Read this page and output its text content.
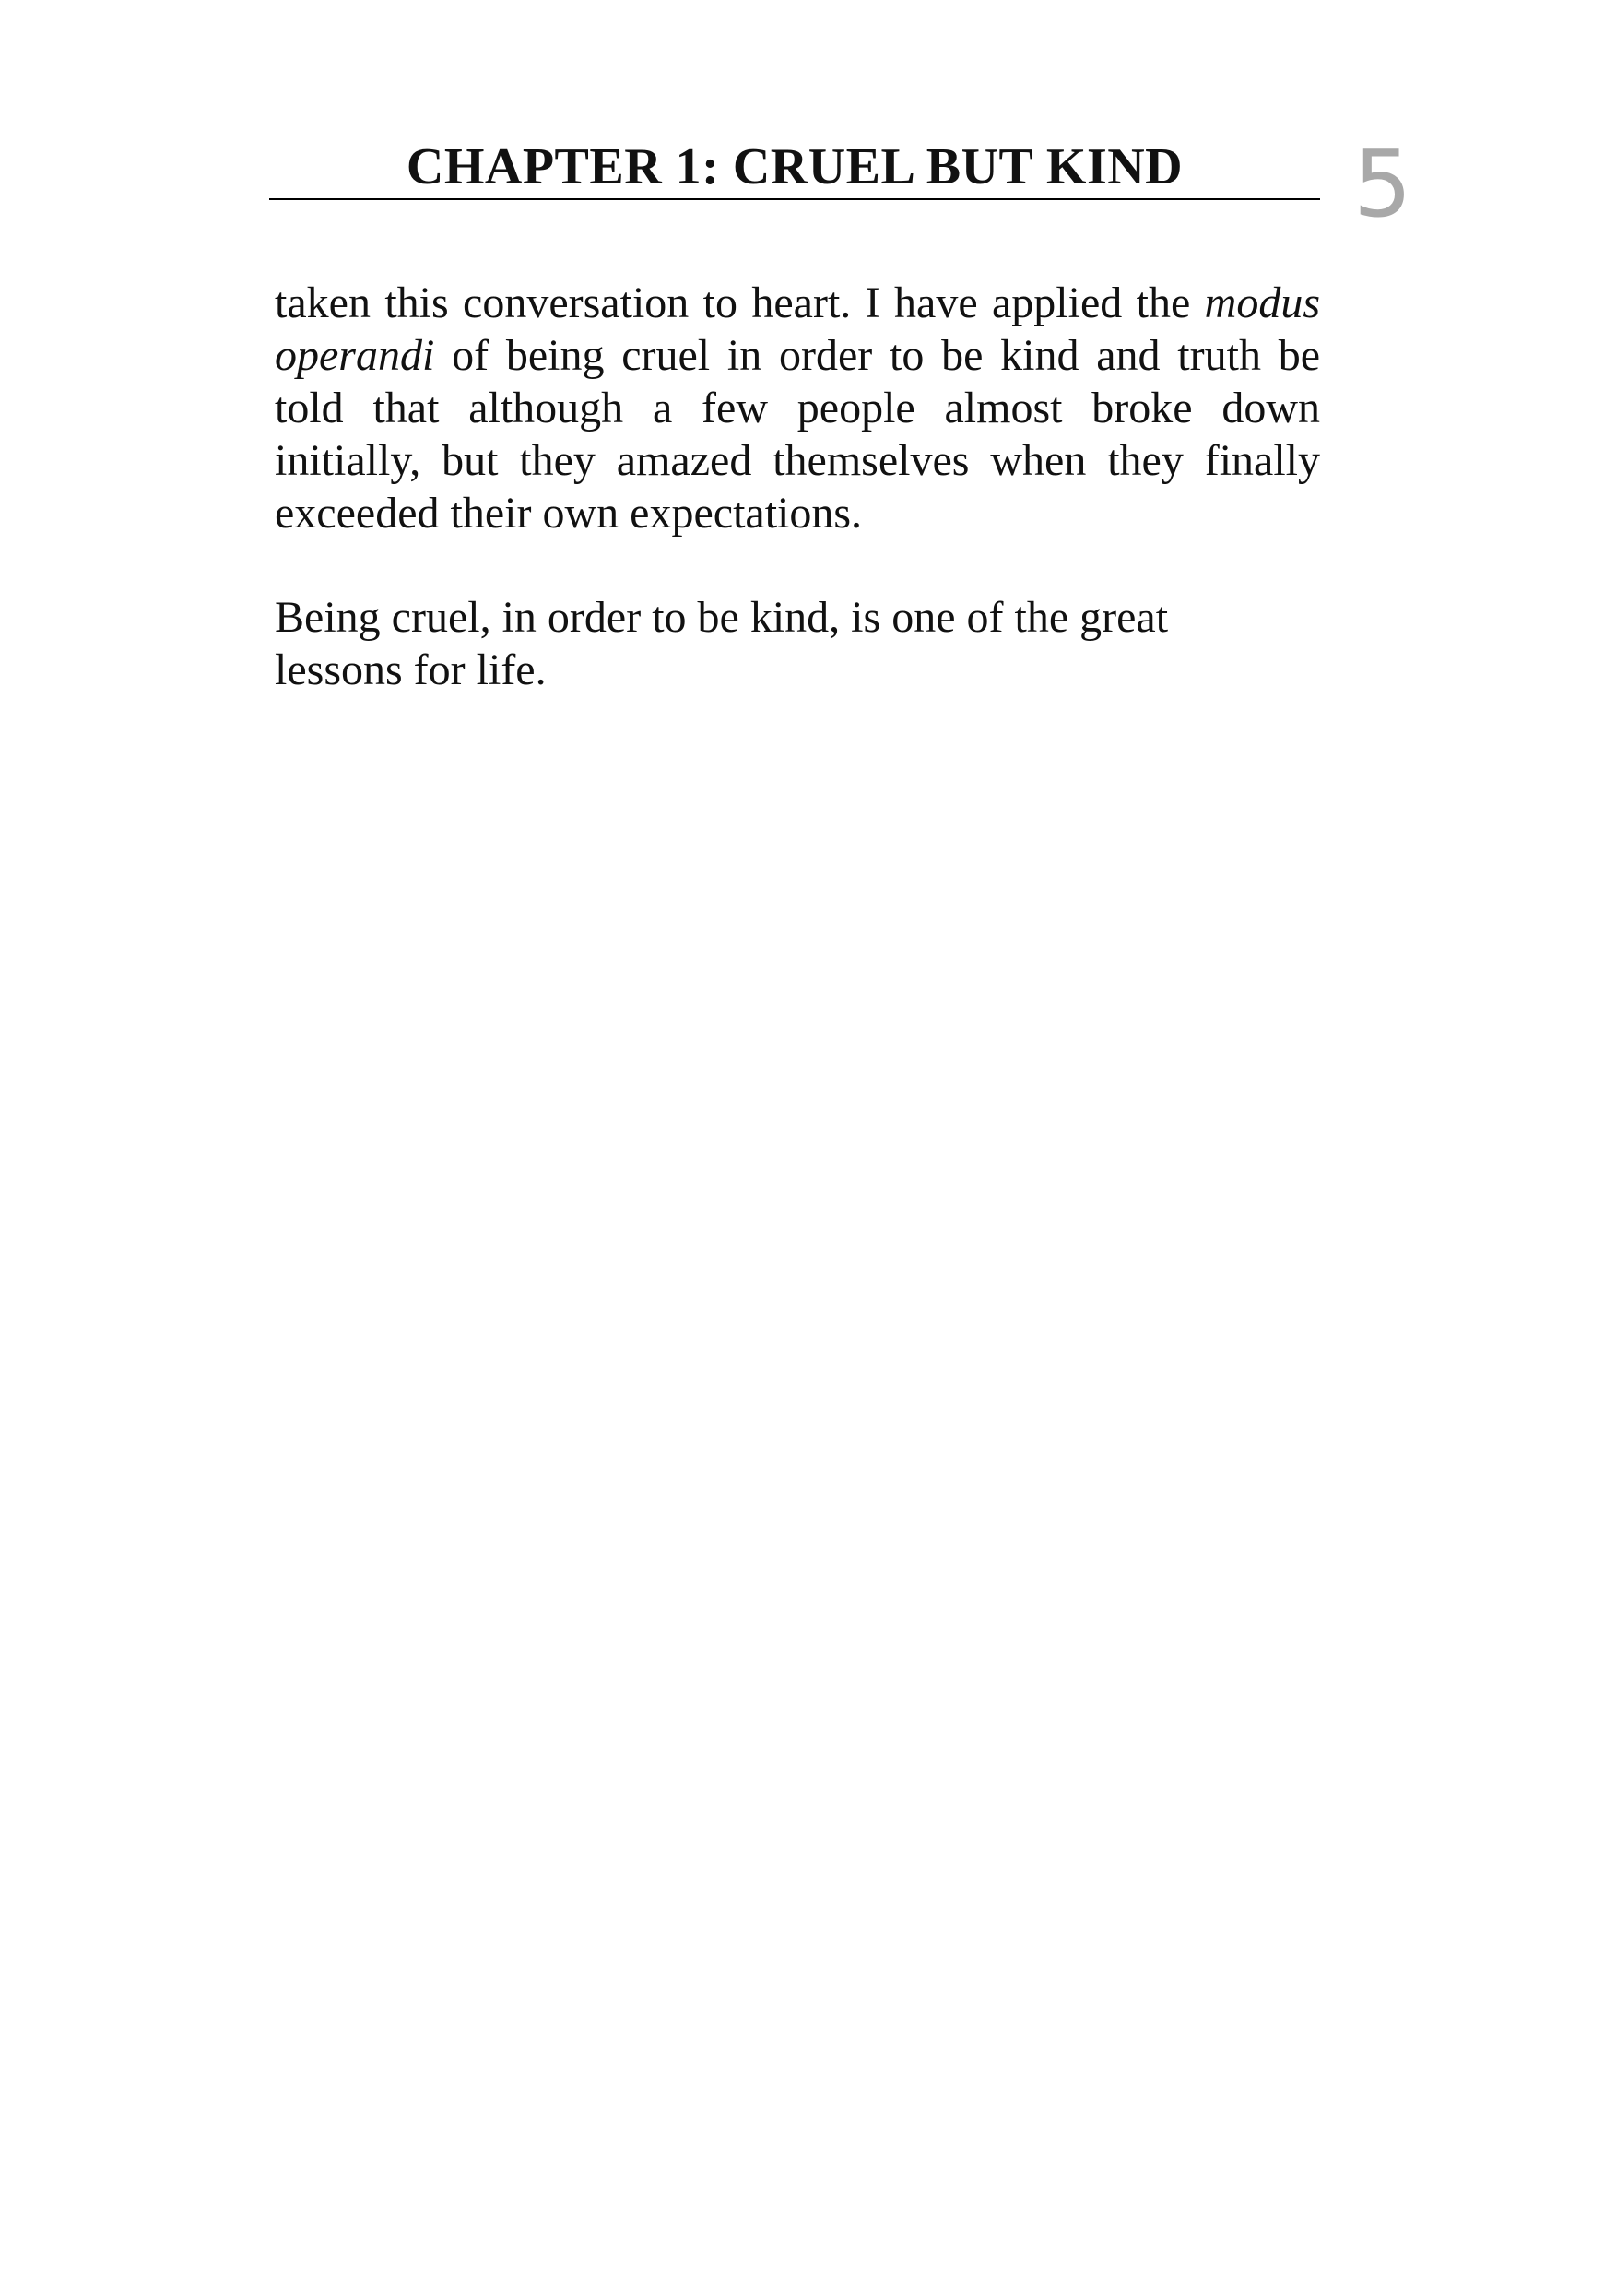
CHAPTER 1: CRUEL BUT KIND	5

taken this conversation to heart. I have applied the modus operandi of being cruel in order to be kind and truth be told that although a few people almost broke down initially, but they amazed themselves when they finally exceeded their own expectations.

Being cruel, in order to be kind, is one of the great lessons for life.
